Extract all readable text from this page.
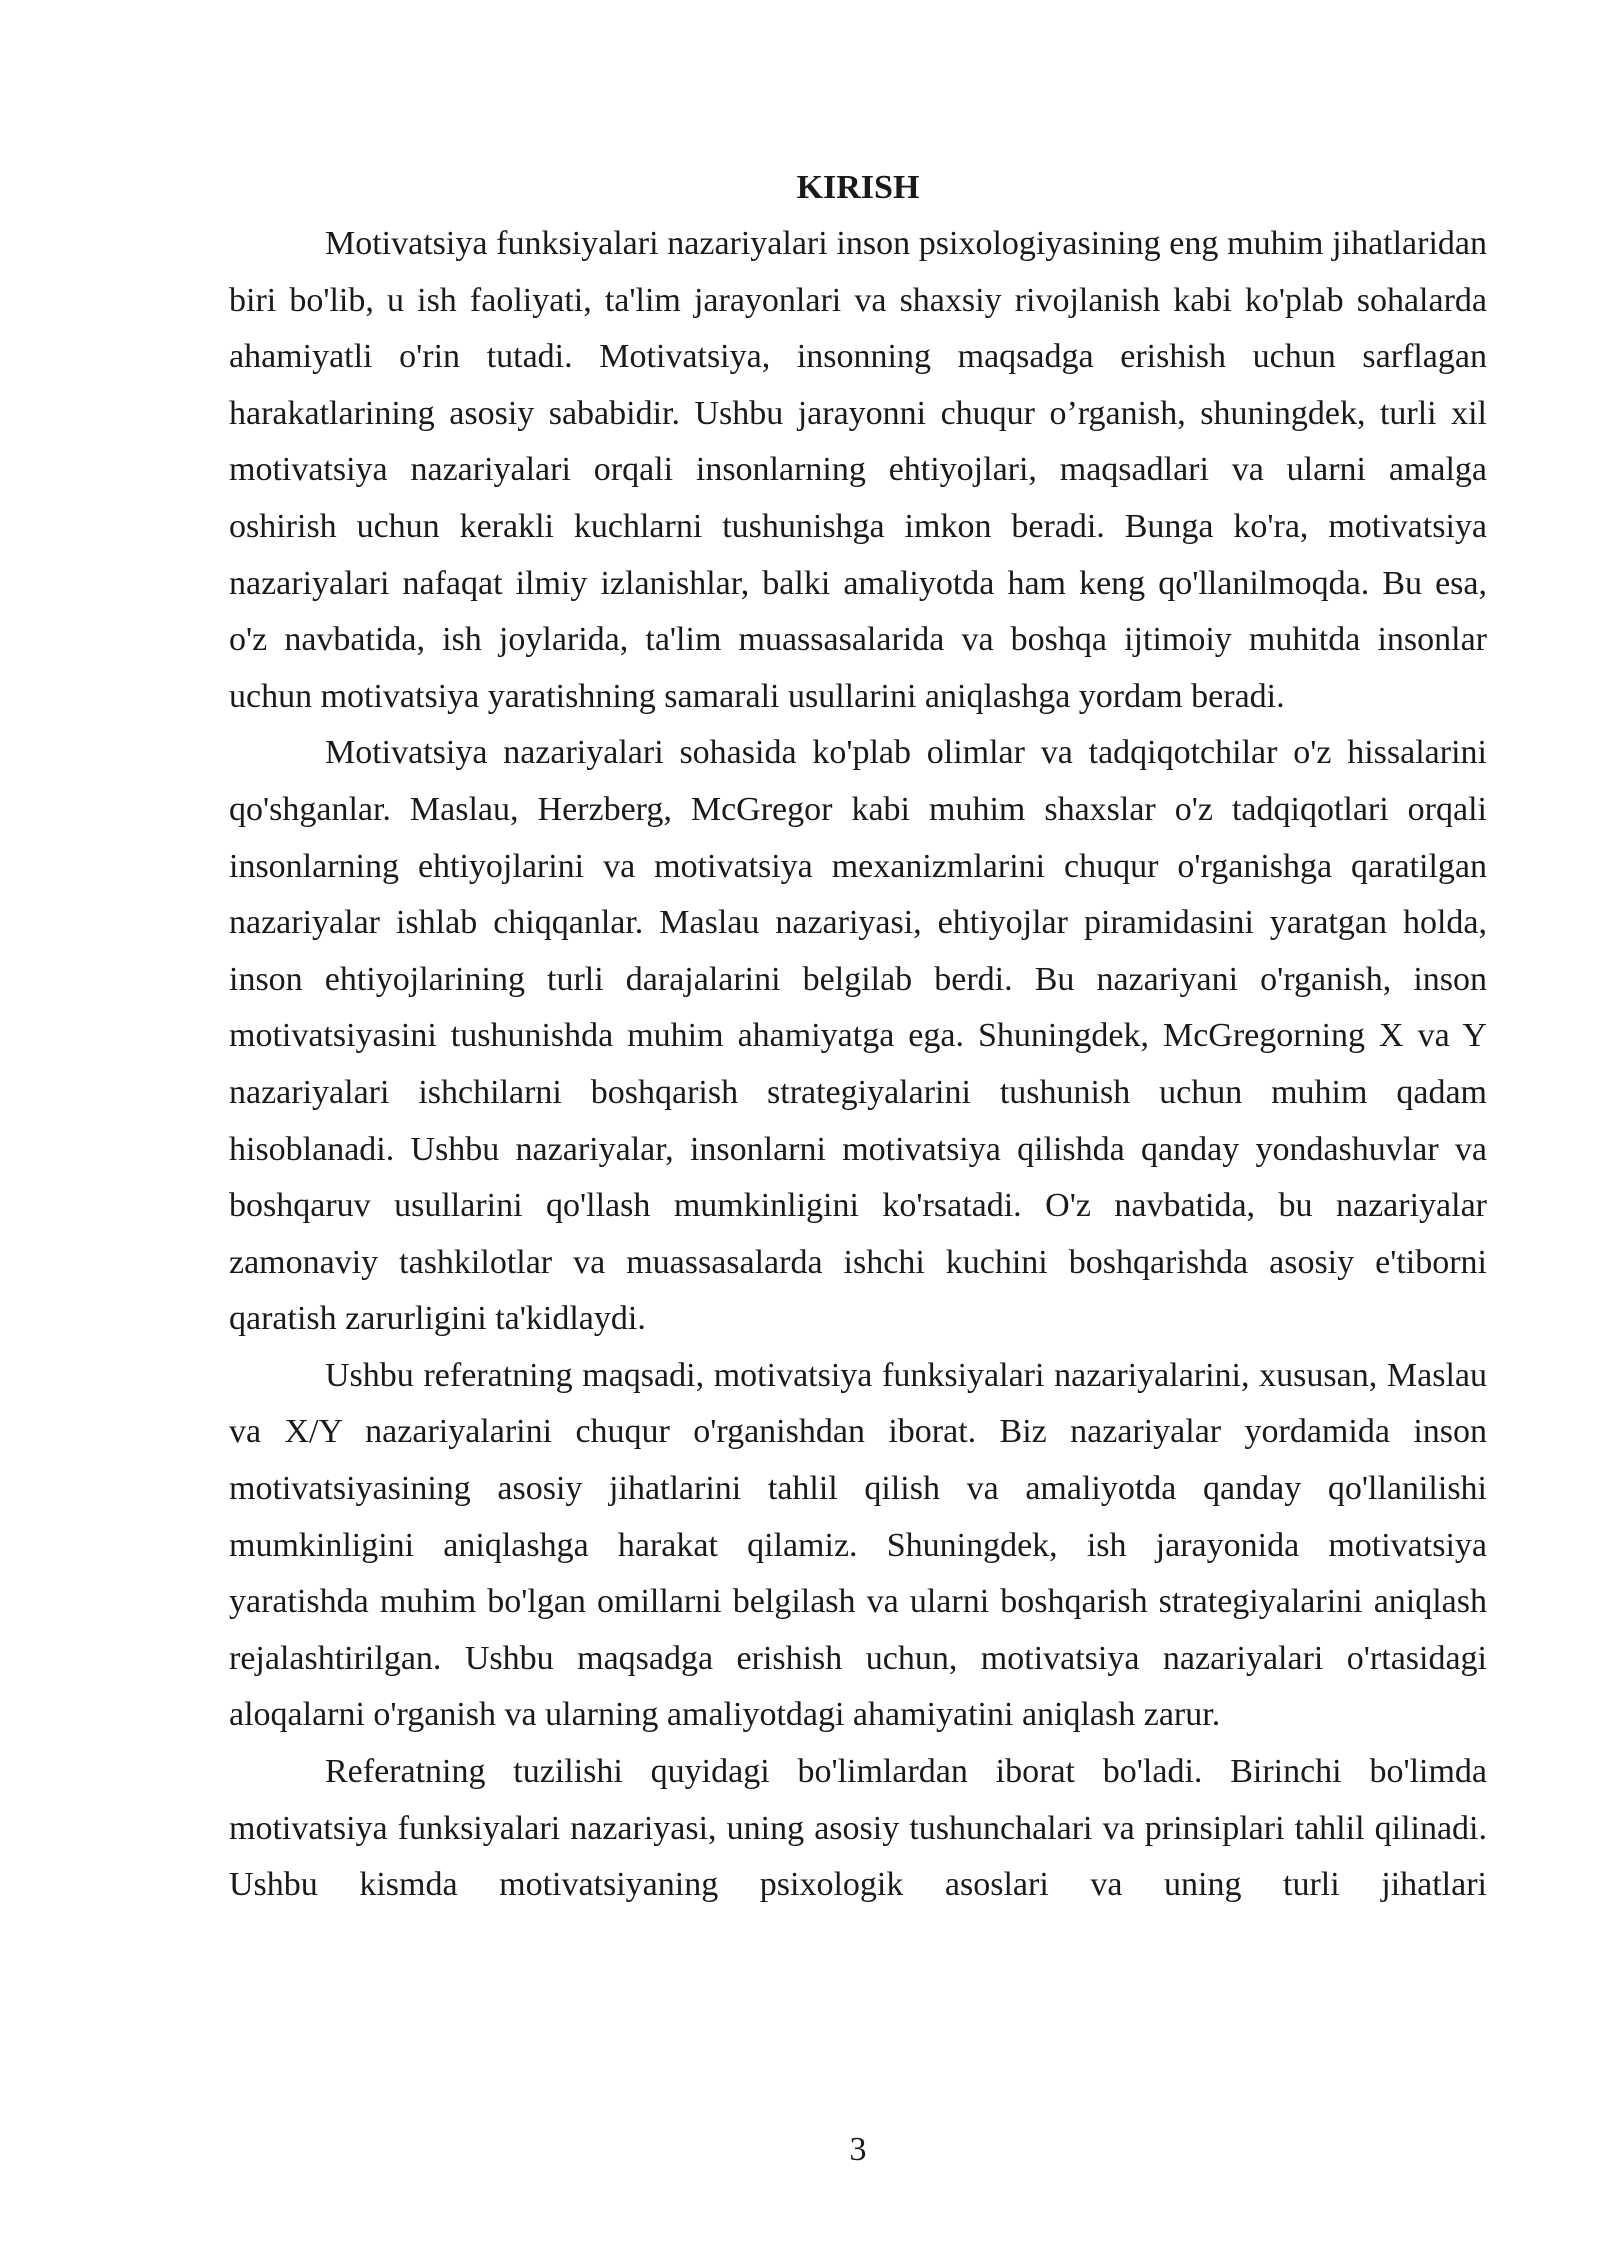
KIRISH

Motivatsiya funksiyalari nazariyalari inson psixologiyasining eng muhim jihatlaridan biri bo'lib, u ish faoliyati, ta'lim jarayonlari va shaxsiy rivojlanish kabi ko'plab sohalarda ahamiyatli o'rin tutadi. Motivatsiya, insonning maqsadga erishish uchun sarflagan harakatlarining asosiy sababidir. Ushbu jarayonni chuqur o’rganish, shuningdek, turli xil motivatsiya nazariyalari orqali insonlarning ehtiyojlari, maqsadlari va ularni amalga oshirish uchun kerakli kuchlarni tushunishga imkon beradi. Bunga ko'ra, motivatsiya nazariyalari nafaqat ilmiy izlanishlar, balki amaliyotda ham keng qo'llanilmoqda. Bu esa, o'z navbatida, ish joylarida, ta'lim muassasalarida va boshqa ijtimoiy muhitda insonlar uchun motivatsiya yaratishning samarali usullarini aniqlashga yordam beradi.

Motivatsiya nazariyalari sohasida ko'plab olimlar va tadqiqotchilar o'z hissalarini qo'shganlar. Maslau, Herzberg, McGregor kabi muhim shaxslar o'z tadqiqotlari orqali insonlarning ehtiyojlarini va motivatsiya mexanizmlarini chuqur o'rganishga qaratilgan nazariyalar ishlab chiqqanlar. Maslau nazariyasi, ehtiyojlar piramidasini yaratgan holda, inson ehtiyojlarining turli darajalarini belgilab berdi. Bu nazariyani o'rganish, inson motivatsiyasini tushunishda muhim ahamiyatga ega. Shuningdek, McGregorning X va Y nazariyalari ishchilarni boshqarish strategiyalarini tushunish uchun muhim qadam hisoblanadi. Ushbu nazariyalar, insonlarni motivatsiya qilishda qanday yondashuvlar va boshqaruv usullarini qo'llash mumkinligini ko'rsatadi. O'z navbatida, bu nazariyalar zamonaviy tashkilotlar va muassasalarda ishchi kuchini boshqarishda asosiy e'tiborni qaratish zarurligini ta'kidlaydi.

Ushbu referatning maqsadi, motivatsiya funksiyalari nazariyalarini, xususan, Maslau va X/Y nazariyalarini chuqur o'rganishdan iborat. Biz nazariyalar yordamida inson motivatsiyasining asosiy jihatlarini tahlil qilish va amaliyotda qanday qo'llanilishi mumkinligini aniqlashga harakat qilamiz. Shuningdek, ish jarayonida motivatsiya yaratishda muhim bo'lgan omillarni belgilash va ularni boshqarish strategiyalarini aniqlash rejalashtirilgan. Ushbu maqsadga erishish uchun, motivatsiya nazariyalari o'rtasidagi aloqalarni o'rganish va ularning amaliyotdagi ahamiyatini aniqlash zarur.

Referatning tuzilishi quyidagi bo'limlardan iborat bo'ladi. Birinchi bo'limda motivatsiya funksiyalari nazariyasi, uning asosiy tushunchalari va prinsiplari tahlil qilinadi. Ushbu kismda motivatsiyaning psixologik asoslari va uning turli jihatlari

3
